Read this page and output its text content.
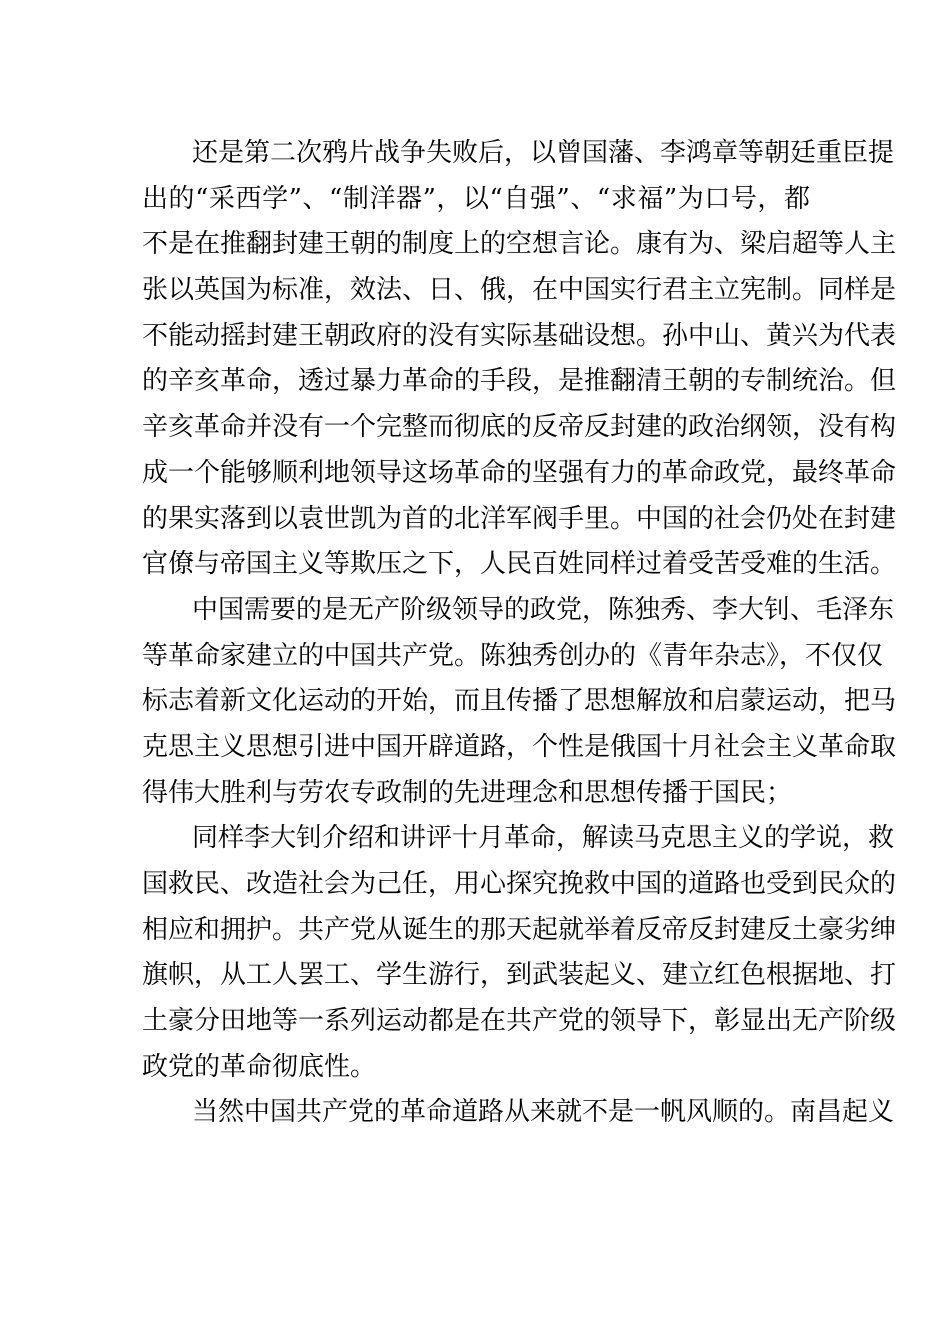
还是第二次鸦片战争失败后，以曾国藩、李鸿章等朝廷重臣提
出的“采西学”、“制洋器”，以“自强”、“求福”为口号，都
不是在推翻封建王朝的制度上的空想言论。康有为、梁启超等人主
张以英国为标准，效法、日、俄，在中国实行君主立宪制。同样是
不能动摇封建王朝政府的没有实际基础设想。孙中山、黄兴为代表
的辛亥革命，透过暴力革命的手段，是推翻清王朝的专制统治。但
辛亥革命并没有一个完整而彻底的反帝反封建的政治纲领，没有构
成一个能够顺利地领导这场革命的坚强有力的革命政党，最终革命
的果实落到以袁世凯为首的北洋军阀手里。中国的社会仍处在封建
官僚与帝国主义等欺压之下，人民百姓同样过着受苦受难的生活。
中国需要的是无产阶级领导的政党，陈独秀、李大钊、毛泽东
等革命家建立的中国共产党。陈独秀创办的《青年杂志》，不仅仅
标志着新文化运动的开始，而且传播了思想解放和启蒙运动，把马
克思主义思想引进中国开辟道路，个性是俄国十月社会主义革命取
得伟大胜利与劳农专政制的先进理念和思想传播于国民；
同样李大钊介绍和讲评十月革命，解读马克思主义的学说，救
国救民、改造社会为己任，用心探究挽救中国的道路也受到民众的
相应和拥护。共产党从诞生的那天起就举着反帝反封建反土豪劣绅
旗帜，从工人罢工、学生游行，到武装起义、建立红色根据地、打
土豪分田地等一系列运动都是在共产党的领导下，彰显出无产阶级
政党的革命彻底性。
当然中国共产党的革命道路从来就不是一帆风顺的。南昌起义
